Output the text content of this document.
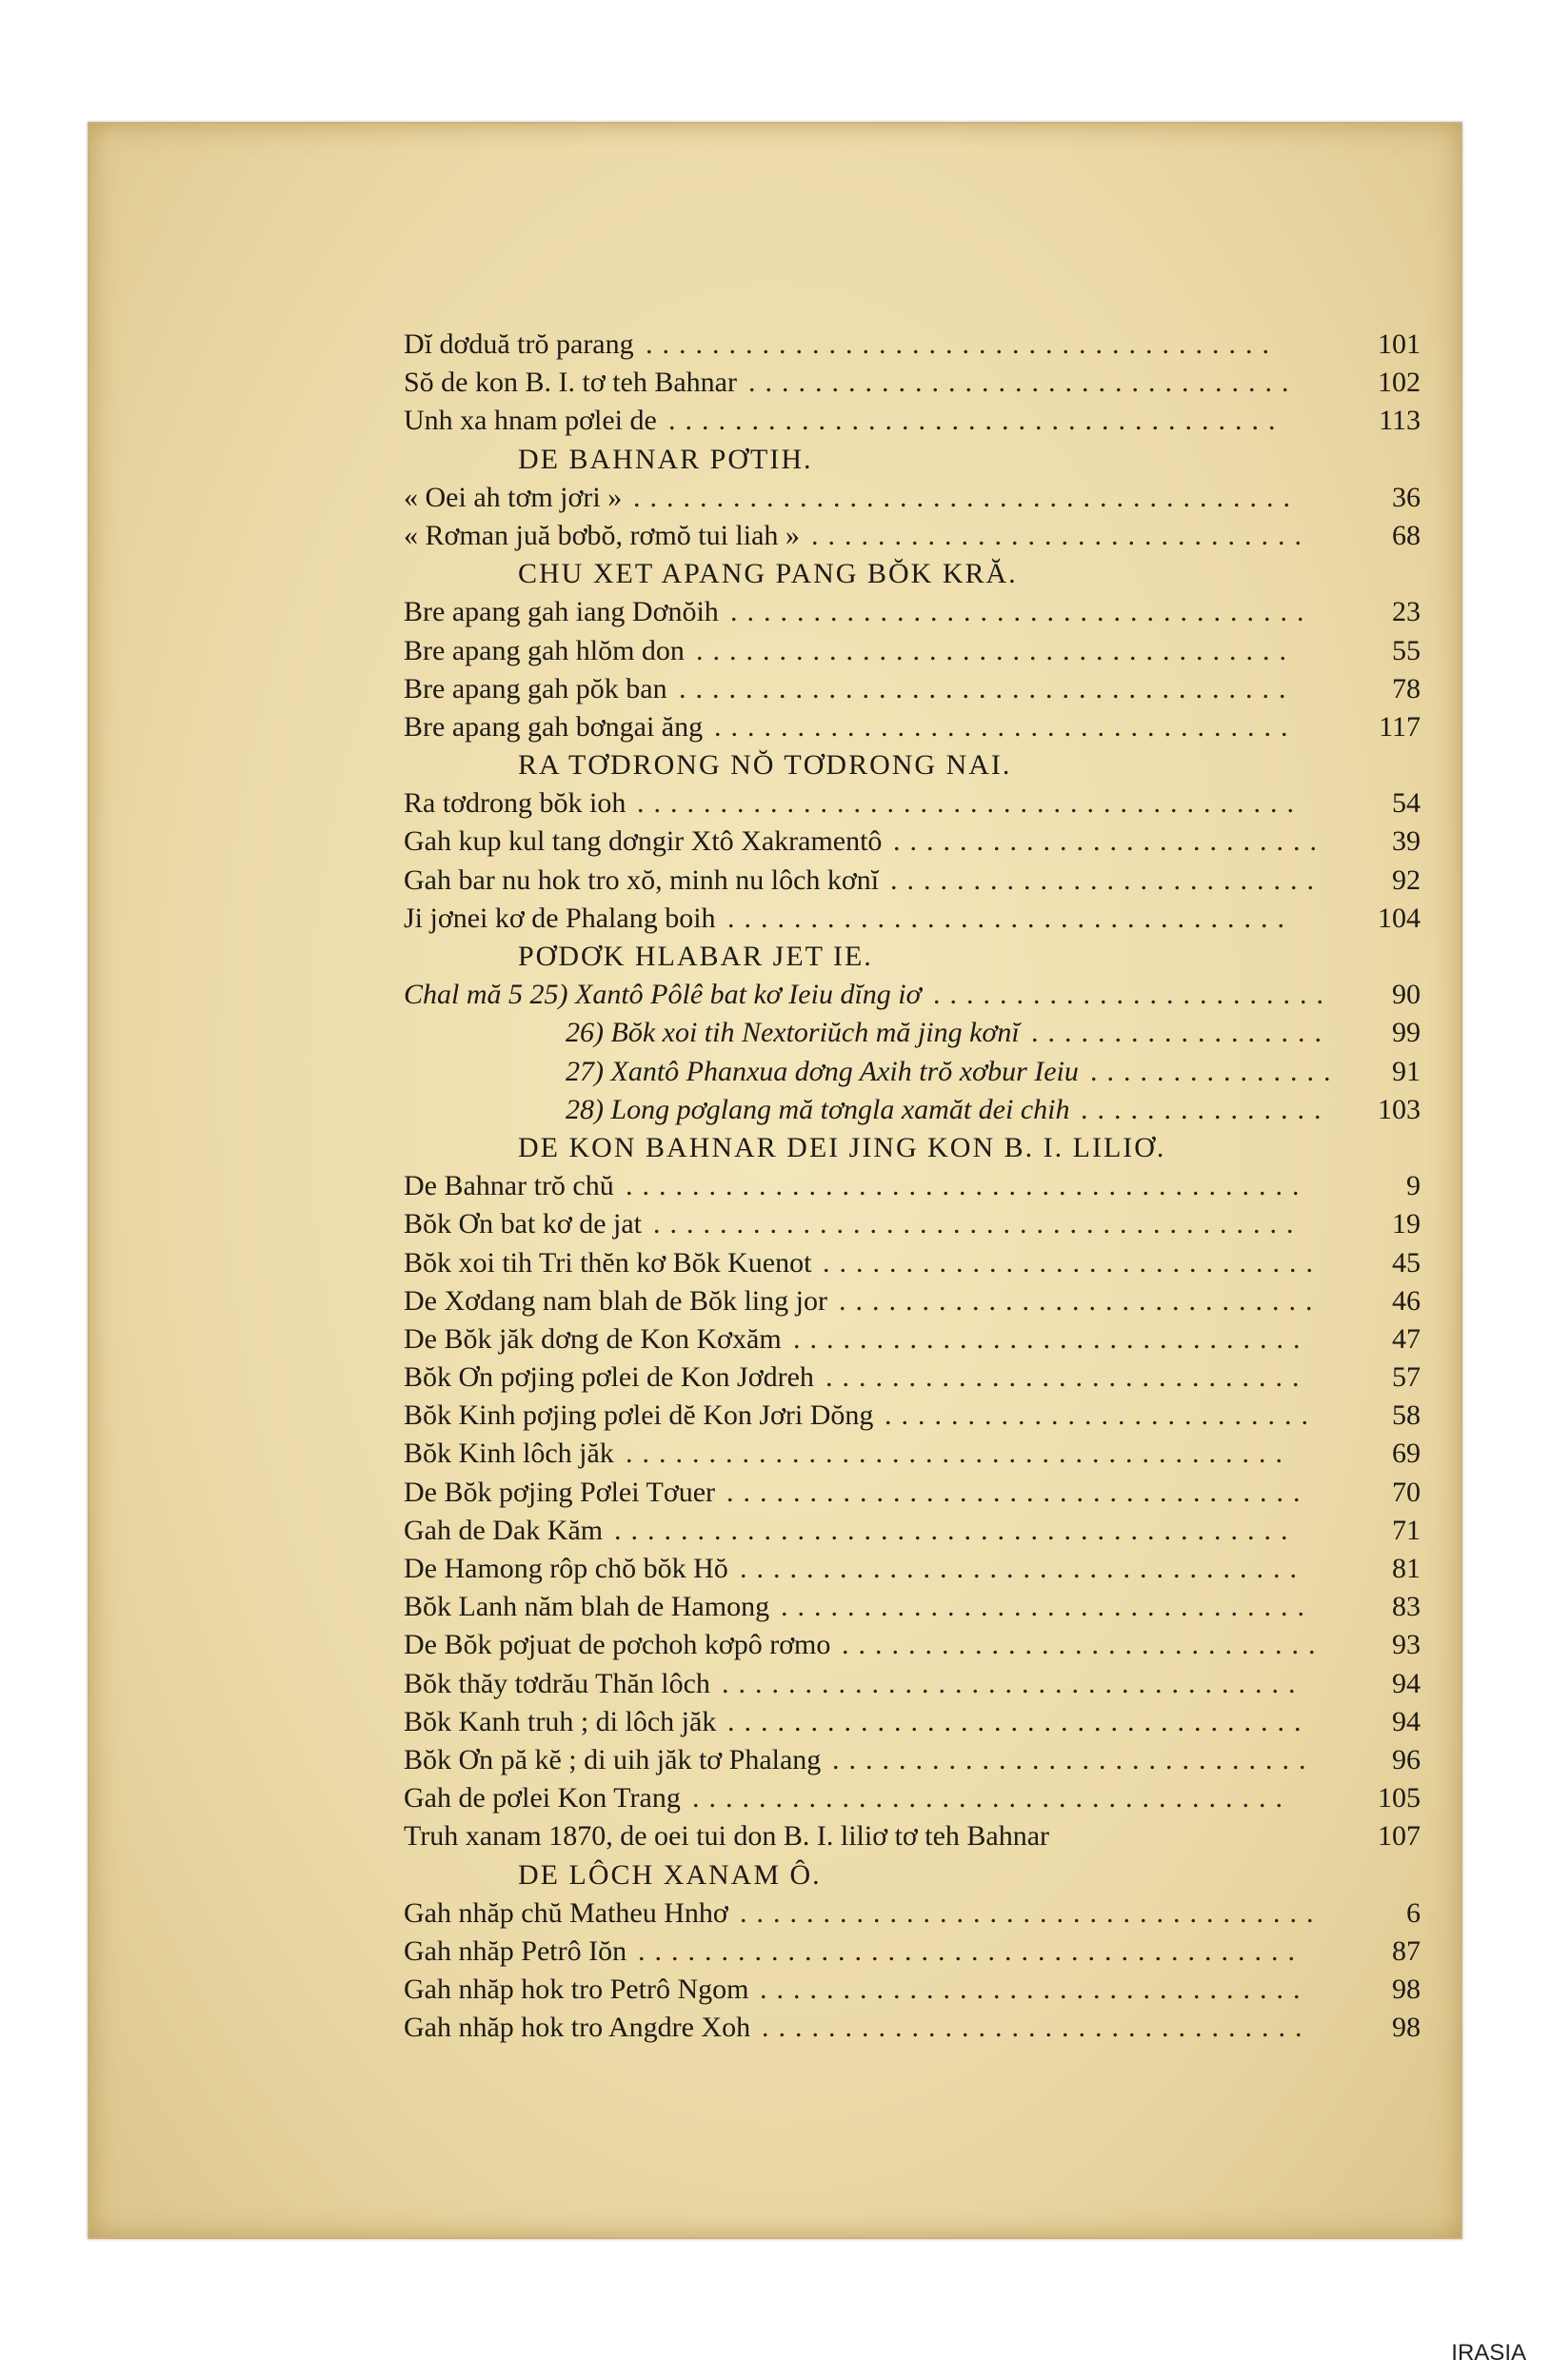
Dĭ dơduă trŏ parang	101
......................................
Sŏ de kon B. I. tơ teh Bahnar	102
.................................
Unh xa hnam pơlei de	113
.....................................
DE BAHNAR PƠTIH.
« Oei ah tơm jơri »	36
........................................
« Rơman juă bơbŏ, rơmŏ tui liah »	68
..............................
CHU XET APANG PANG BŎK KRĂ.
Bre apang gah iang Dơnŏih	23
...................................
Bre apang gah hlŏm don	55
....................................
Bre apang gah pŏk ban	78
.....................................
Bre apang gah bơngai ăng	117
...................................
RA TƠDRONG NŎ TƠDRONG NAI.
Ra tơdrong bŏk ioh	54
........................................
Gah kup kul tang dơngir Xtô Xakramentô	39
..........................
Gah bar nu hok tro xŏ, minh nu lôch kơnĭ	92
..........................
Ji jơnei kơ de Phalang boih	104
..................................
PƠDƠK HLABAR JET IE.
Chal mă 5 25) Xantô Pôlê bat kơ Ieiu dĭng iơ	90
........................
26) Bŏk xoi tih Nextoriŭch mă jing kơnĭ	99
..................
27) Xantô Phanxua dơng Axih trŏ xơbur Ieiu	91
...............
28) Long pơglang mă tơngla xamăt dei chih	103
...............
DE KON BAHNAR DEI JING KON B. I. LILIƠ.
De Bahnar trŏ chŭ	9
.........................................
Bŏk Ơn bat kơ de jat	19
.......................................
Bŏk xoi tih Tri thĕn kơ Bŏk Kuenot	45
..............................
De Xơdang nam blah de Bŏk ling jor	46
.............................
De Bŏk jăk dơng de Kon Kơxăm	47
...............................
Bŏk Ơn pơjing pơlei de Kon Jơdreh	57
.............................
Bŏk Kinh pơjing pơlei dĕ Kon Jơri Dŏng	58
..........................
Bŏk Kinh lôch jăk	69
........................................
De Bŏk pơjing Pơlei Tơuer	70
...................................
Gah de Dak Kăm	71
.........................................
De Hamong rôp chŏ bŏk Hŏ	81
..................................
Bŏk Lanh năm blah de Hamong	83
................................
De Bŏk pơjuat de pơchoh kơpô rơmo	93
.............................
Bŏk thăy tơdrău Thăn lôch	94
...................................
Bŏk Kanh truh ; di lôch jăk	94
...................................
Bŏk Ơn pă kĕ ; di uih jăk tơ Phalang	96
.............................
Gah de pơlei Kon Trang	105
....................................
Truh xanam 1870, de oei tui don B. I. liliơ tơ teh Bahnar	107
DE LÔCH XANAM Ô.
Gah nhăp chŭ Matheu Hnhơ	6
...................................
Gah nhăp Petrô Iŏn	87
........................................
Gah nhăp hok tro Petrô Ngom	98
.................................
Gah nhăp hok tro Angdre Xoh	98
.................................
IRASIA
